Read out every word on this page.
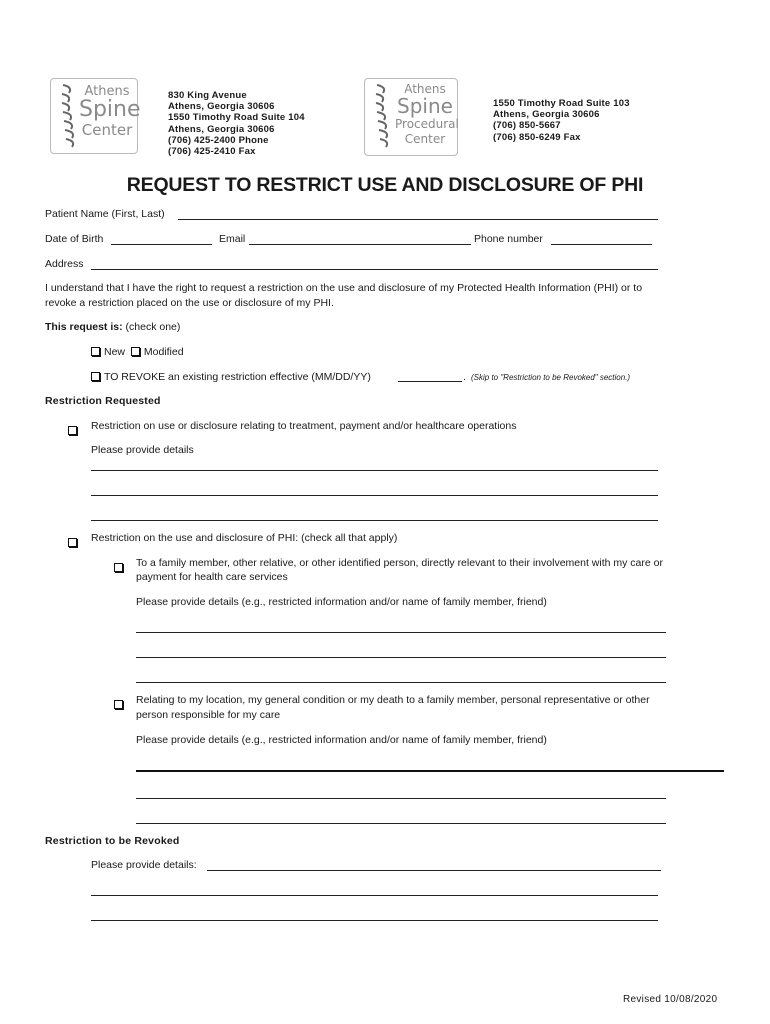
Athens
Spine
Center
830 King Avenue
Athens, Georgia 30606
1550 Timothy Road Suite 104
Athens, Georgia 30606
(706) 425-2400 Phone
(706) 425-2410 Fax
Athens
Spine
Procedural
Center
1550 Timothy Road Suite 103
Athens, Georgia 30606
(706) 850-5667
(706) 850-6249 Fax
REQUEST TO RESTRICT USE AND DISCLOSURE OF PHI
Patient Name (First, Last)
Date of Birth	Email	Phone number
Address
I understand that I have the right to request a restriction on the use and disclosure of my Protected Health Information (PHI) or to
revoke a restriction placed on the use or disclosure of my PHI.
This request is: (check one)
New Modified
TO REVOKE an existing restriction effective (MM/DD/YY)	. (Skip to "Restriction to be Revoked" section.)
Restriction Requested
Restriction on use or disclosure relating to treatment, payment and/or healthcare operations
Please provide details
Restriction on the use and disclosure of PHI: (check all that apply)
To a family member, other relative, or other identified person, directly relevant to their involvement with my care or
payment for health care services
Please provide details (e.g., restricted information and/or name of family member, friend)
Relating to my location, my general condition or my death to a family member, personal representative or other
person responsible for my care
Please provide details (e.g., restricted information and/or name of family member, friend)
Restriction to be Revoked
Please provide details:
Revised 10/08/2020
